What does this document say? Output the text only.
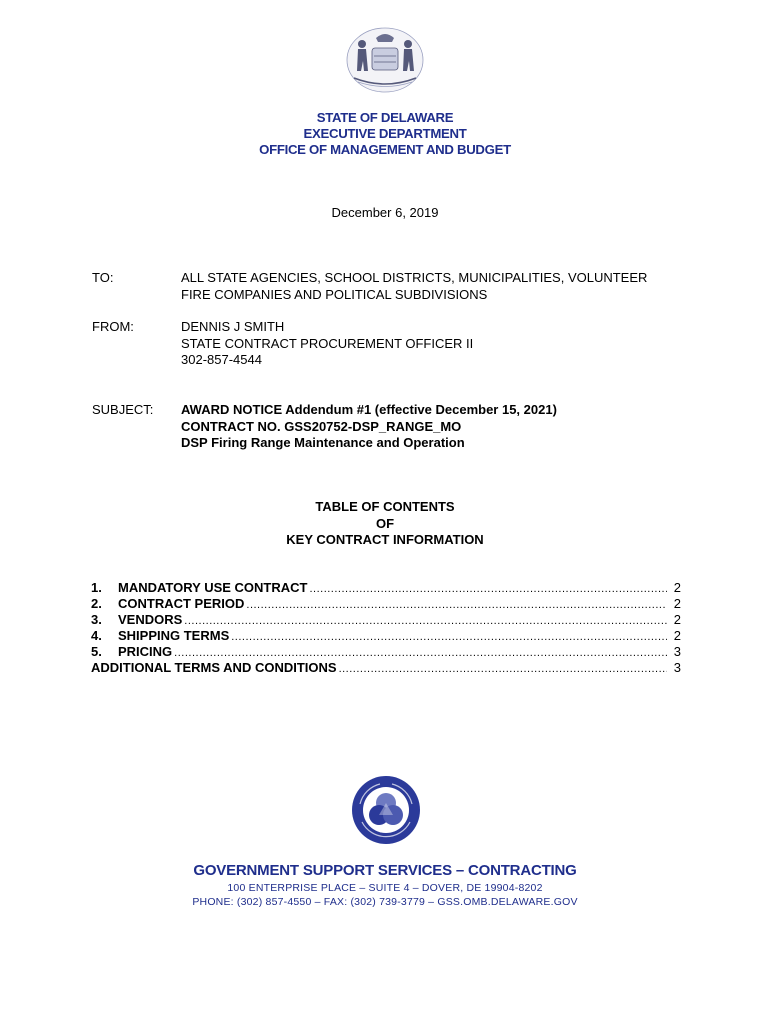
STATE OF DELAWARE
EXECUTIVE DEPARTMENT
OFFICE OF MANAGEMENT AND BUDGET
December 6, 2019
TO:	ALL STATE AGENCIES, SCHOOL DISTRICTS, MUNICIPALITIES, VOLUNTEER
FIRE COMPANIES AND POLITICAL SUBDIVISIONS
FROM:	DENNIS J SMITH
STATE CONTRACT PROCUREMENT OFFICER II
302-857-4544
SUBJECT: AWARD NOTICE Addendum #1 (effective December 15, 2021)
CONTRACT NO. GSS20752-DSP_RANGE_MO
DSP Firing Range Maintenance and Operation
TABLE OF CONTENTS
OF
KEY CONTRACT INFORMATION
1.	MANDATORY USE CONTRACT .....	2
2.	CONTRACT PERIOD .....	2
3.	VENDORS .....	2
4.	SHIPPING TERMS .....	2
5.	PRICING .....	3
ADDITIONAL TERMS AND CONDITIONS .....	3
GOVERNMENT SUPPORT SERVICES – CONTRACTING
100 ENTERPRISE PLACE – SUITE 4 – DOVER, DE 19904-8202
PHONE: (302) 857-4550 – FAX: (302) 739-3779 – GSS.OMB.DELAWARE.GOV
